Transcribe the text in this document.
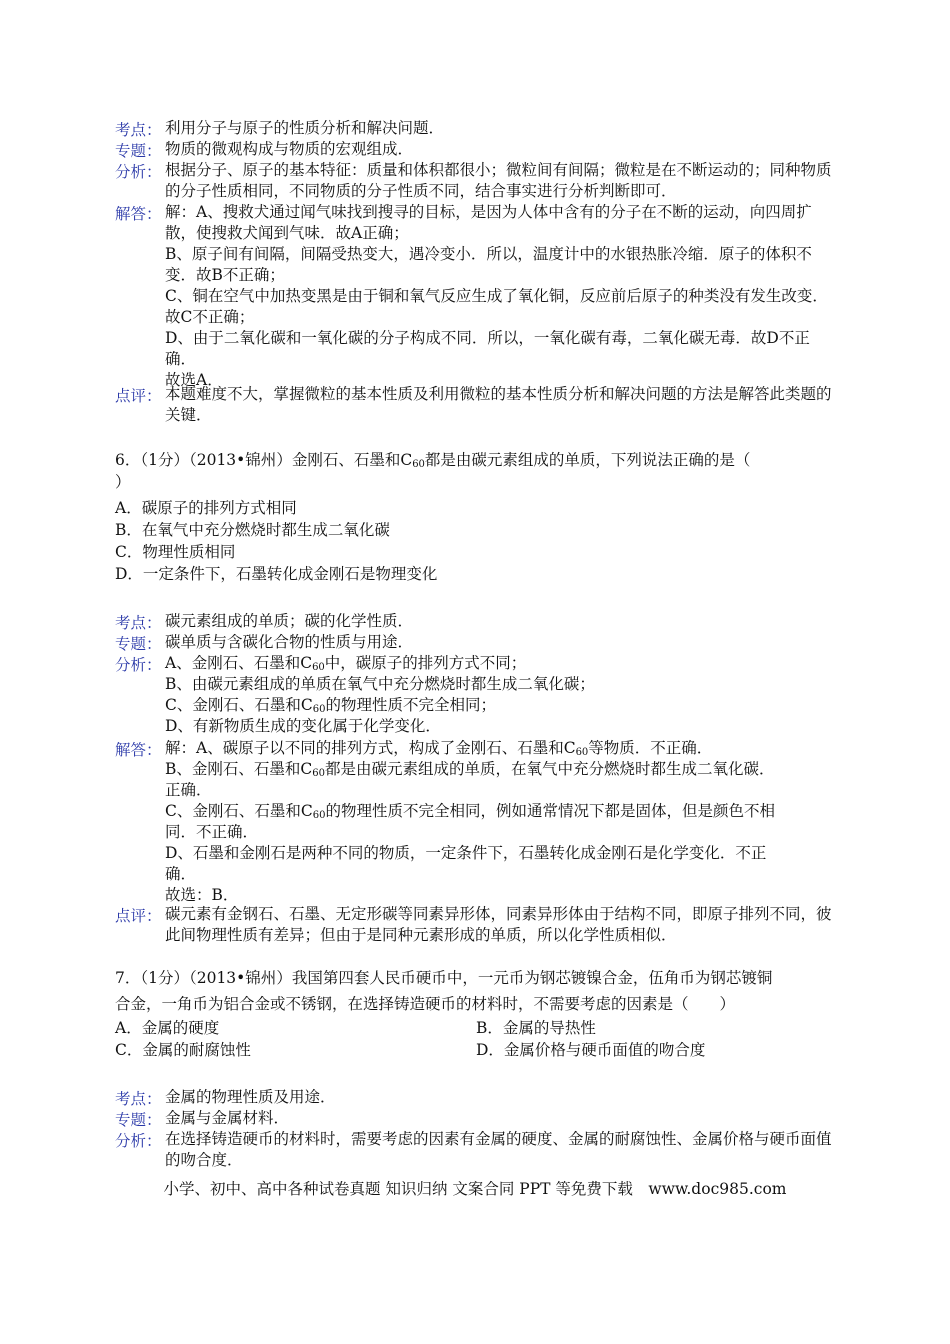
考点： 利用分子与原子的性质分析和解决问题．
专题： 物质的微观构成与物质的宏观组成．
分析： 根据分子、原子的基本特征：质量和体积都很小；微粒间有间隔；微粒是在不断运动的；同种物质的分子性质相同，不同物质的分子性质不同，结合事实进行分析判断即可．
解答： 解：A、搜救犬通过闻气味找到搜寻的目标，是因为人体中含有的分子在不断的运动，向四周扩散，使搜救犬闻到气味．故A正确；
B、原子间有间隔，间隔受热变大，遇冷变小．所以，温度计中的水银热胀冷缩．原子的体积不变．故B不正确；
C、铜在空气中加热变黑是由于铜和氧气反应生成了氧化铜，反应前后原子的种类没有发生改变．故C不正确；
D、由于二氧化碳和一氧化碳的分子构成不同．所以，一氧化碳有毒，二氧化碳无毒．故D不正确．
故选A．
点评： 本题难度不大，掌握微粒的基本性质及利用微粒的基本性质分析和解决问题的方法是解答此类题的关键．
6．（1分）（2013•锦州）金刚石、石墨和$C_{60}$都是由碳元素组成的单质，下列说法正确的是（
）
A．碳原子的排列方式相同
B．在氧气中充分燃烧时都生成二氧化碳
C．物理性质相同
D．一定条件下，石墨转化成金刚石是物理变化
考点： 碳元素组成的单质；碳的化学性质．
专题： 碳单质与含碳化合物的性质与用途．
分析： A、金刚石、石墨和$C_{60}$中，碳原子的排列方式不同；
B、由碳元素组成的单质在氧气中充分燃烧时都生成二氧化碳；
C、金刚石、石墨和$C_{60}$的物理性质不完全相同；
D、有新物质生成的变化属于化学变化．
解答： 解：A、碳原子以不同的排列方式，构成了金刚石、石墨和$C_{60}$等物质．不正确．
B、金刚石、石墨和$C_{60}$都是由碳元素组成的单质，在氧气中充分燃烧时都生成二氧化碳．
正确．
C、金刚石、石墨和$C_{60}$的物理性质不完全相同，例如通常情况下都是固体，但是颜色不相
同．不正确．
D、石墨和金刚石是两种不同的物质，一定条件下，石墨转化成金刚石是化学变化．不正
确．
故选：B．
点评： 碳元素有金钢石、石墨、无定形碳等同素异形体，同素异形体由于结构不同，即原子排列不同，彼此间物理性质有差异；但由于是同种元素形成的单质，所以化学性质相似．
7．（1分）（2013•锦州）我国第四套人民币硬币中，一元币为钢芯镀镍合金，伍角币为钢芯镀铜
合金，一角币为铝合金或不锈钢，在选择铸造硬币的材料时，不需要考虑的因素是（　　）
A．金属的硬度	B．金属的导热性
C．金属的耐腐蚀性	D．金属价格与硬币面值的吻合度
考点： 金属的物理性质及用途．
专题： 金属与金属材料．
分析： 在选择铸造硬币的材料时，需要考虑的因素有金属的硬度、金属的耐腐蚀性、金属价格与硬币面值的吻合度．
小学、初中、高中各种试卷真题 知识归纳 文案合同 PPT 等免费下载　www.doc985.com
